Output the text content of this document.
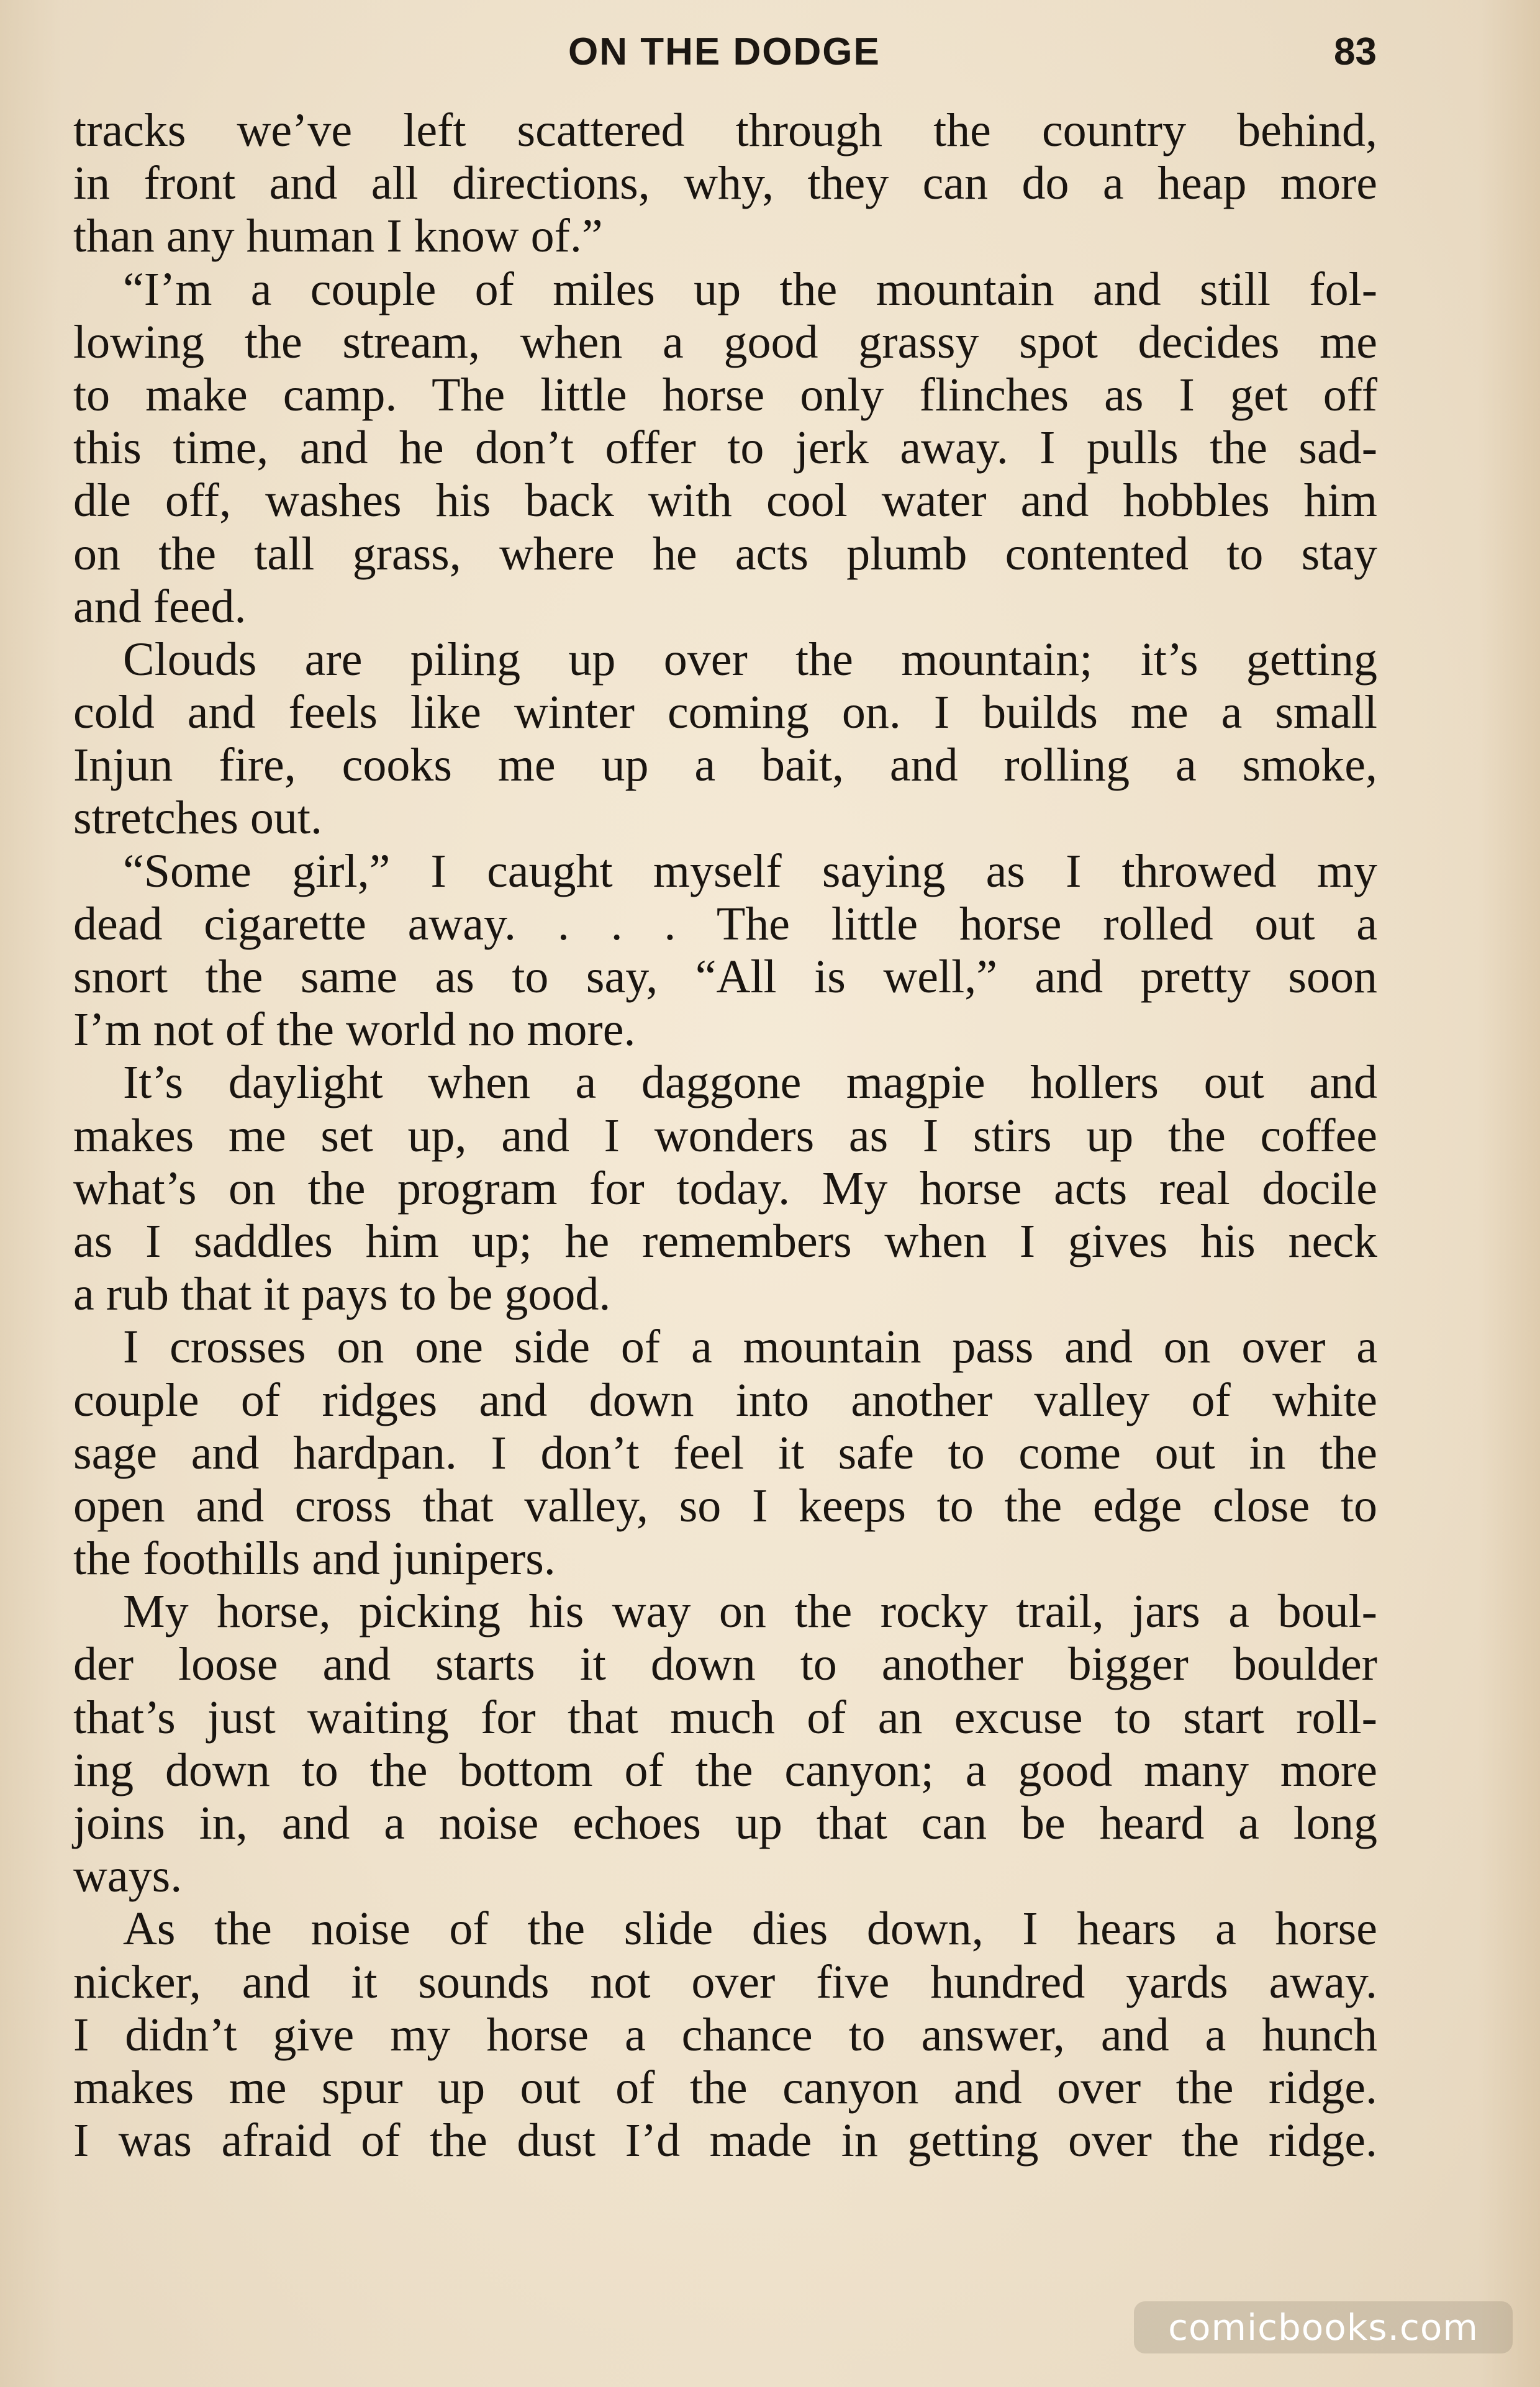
ON THE DODGE	83
tracks we’ve left scattered through the country behind,
in front and all directions, why, they can do a heap more
than any human I know of.”
“I’m a couple of miles up the mountain and still fol-
lowing the stream, when a good grassy spot decides me
to make camp. The little horse only flinches as I get off
this time, and he don’t offer to jerk away. I pulls the sad-
dle off, washes his back with cool water and hobbles him
on the tall grass, where he acts plumb contented to stay
and feed.
Clouds are piling up over the mountain; it’s getting
cold and feels like winter coming on. I builds me a small
Injun fire, cooks me up a bait, and rolling a smoke,
stretches out.
“Some girl,” I caught myself saying as I throwed my
dead cigarette away. . . . The little horse rolled out a
snort the same as to say, “All is well,” and pretty soon
I’m not of the world no more.
It’s daylight when a daggone magpie hollers out and
makes me set up, and I wonders as I stirs up the coffee
what’s on the program for today. My horse acts real docile
as I saddles him up; he remembers when I gives his neck
a rub that it pays to be good.
I crosses on one side of a mountain pass and on over a
couple of ridges and down into another valley of white
sage and hardpan. I don’t feel it safe to come out in the
open and cross that valley, so I keeps to the edge close to
the foothills and junipers.
My horse, picking his way on the rocky trail, jars a boul-
der loose and starts it down to another bigger boulder
that’s just waiting for that much of an excuse to start roll-
ing down to the bottom of the canyon; a good many more
joins in, and a noise echoes up that can be heard a long
ways.
As the noise of the slide dies down, I hears a horse
nicker, and it sounds not over five hundred yards away.
I didn’t give my horse a chance to answer, and a hunch
makes me spur up out of the canyon and over the ridge.
I was afraid of the dust I’d made in getting over the ridge.
comicbooks.com
